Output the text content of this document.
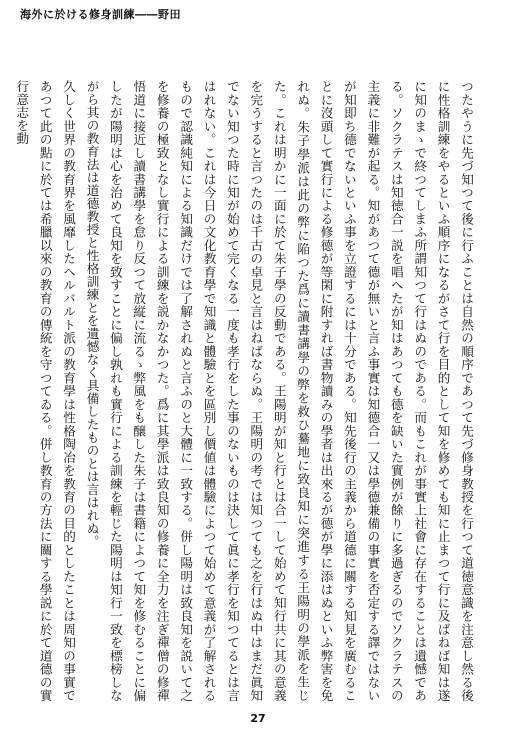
海外に於ける修身訓練――野田

つたやうに先づ知つて後に行ふことは自然の順序であつて先づ修身教授を行つて道徳意識を注意し然る後に性格訓練をやるといふ順序になるがさて行を目的として知を修めても知に止まつて行に及ばねば知は遂に知のまゝで終つてしまふ所謂知つて行はぬのである。而もこれが事實上社會に存在することは遺憾である。ソクラテスは知徳合一説を唱へたが知はあつても德を缺いた實例が餘りに多過ぎるのでソクラテスの主義に非難が起る。知があつて德が無いと言ふ事實は知德合一又は學德兼備の事實を否定する譯ではないが知即ち德でないといふ事を立證するには十分である。知先後行の主義から道德に關する知見を廣むることに沒頭して實行による修德が等閑に附すれば書物讀みの學者は出來るが德が學に添はぬといふ弊害を免れぬ。朱子學派は此の弊に陥つた爲に讀書講學の弊を救ひ驀地に致良知に突進する王陽明の學派を生じた。これは明かに一面に於て朱子學の反動である。王陽明が知と行とは合一して始めて知行共に其の意義を完うすると言つたのは千古の卓見と言はねばならぬ。王陽明の考では知つても之を行はぬ中はまだ眞知でない知つた時に知が始めて完くなる一度も孝行をした事のないものは決して眞に孝行を知つてるとは言はれない。これは今日の文化教育學で知識と體驗とを區別し價値は體驗によつて始めて意義が了解されるもので認識純知による知識だけでは了解されぬと言ふのと大體に一致する。併し陽明は致良知を説いて之を修養の極致となし實行による訓練を説かなかつた。爲に其學派は致良知の修養に全力を注ぎ禪僧の修禪悟道に接近し讀書講學を怠り反つて放縦に流るゝ弊風をも醸した朱子は書籍によつて知を修むることに偏したが陽明は心を治めて良知を致すことに偏し孰れも實行による訓練を輕じた陽明は知行一致を標榜しながら其の教育法は道德教授と性格訓練とを遺憾なく具備したものとは言はれぬ。

久しく世界の教育界を風靡したヘルバルト派の教育學は性格陶冶を教育の目的としたことは周知の事實であつて此の點に於ては希臘以來の教育の傳統を守つてゐる。併し教育の方法に關する學説に於て道德の實行意志を動

27
